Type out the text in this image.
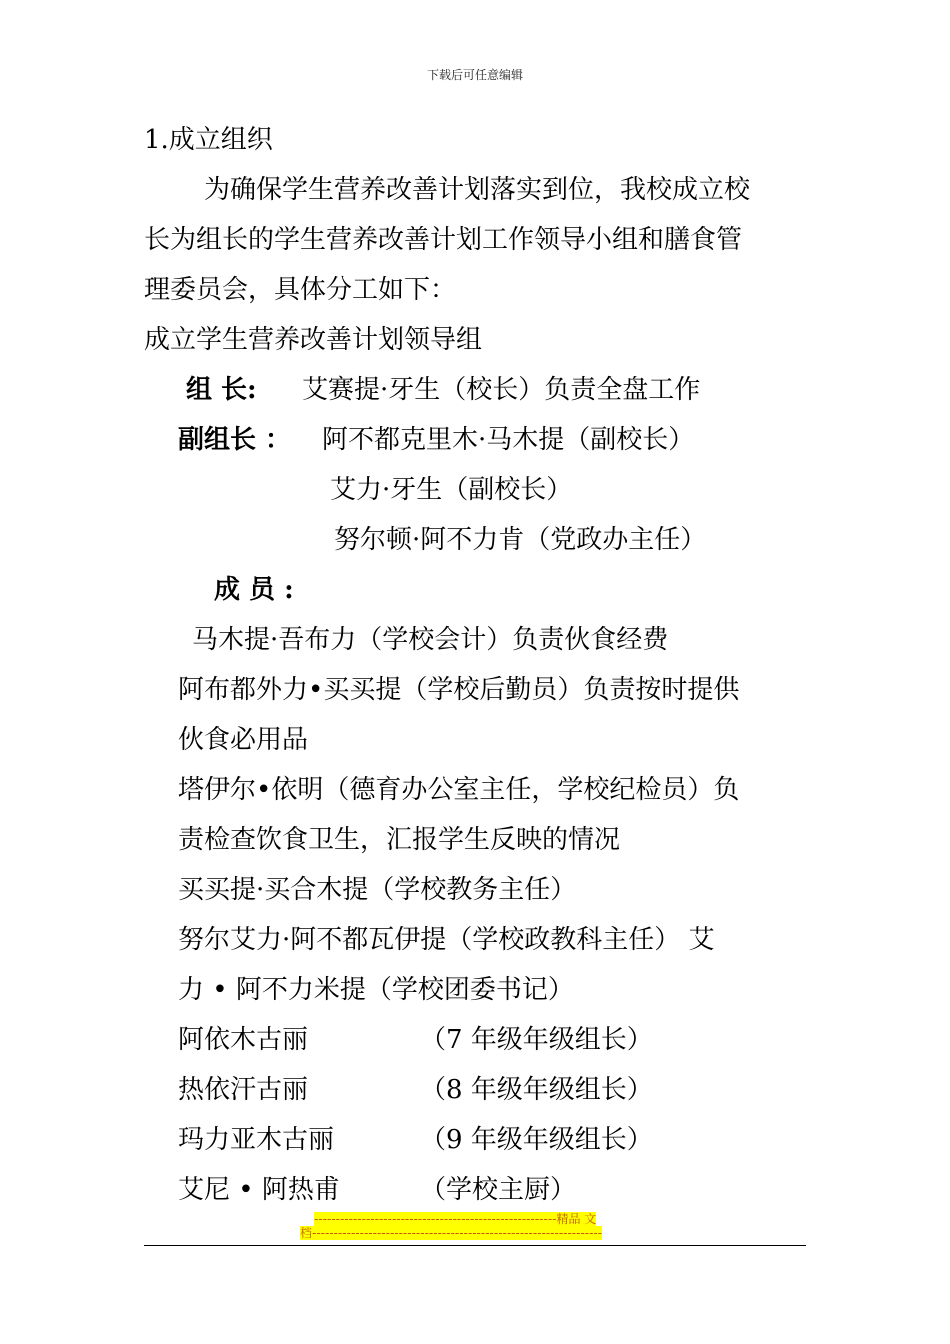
下载后可任意编辑
1.成立组织
为确保学生营养改善计划落实到位，我校成立校
长为组长的学生营养改善计划工作领导小组和膳食管
理委员会，具体分工如下：
成立学生营养改善计划领导组
组 长: 艾赛提·牙生（校长）负责全盘工作
副组长 ： 阿不都克里木·马木提（副校长）
艾力·牙生（副校长）
努尔顿·阿不力肯（党政办主任）
成 员 :
马木提·吾布力（学校会计）负责伙食经费
阿布都外力•买买提（学校后勤员）负责按时提供
伙食必用品
塔伊尔•依明（德育办公室主任，学校纪检员）负
责检查饮食卫生，汇报学生反映的情况
买买提·买合木提（学校教务主任）
努尔艾力·阿不都瓦伊提（学校政教科主任） 艾
力 • 阿不力米提（学校团委书记）
阿依木古丽	（7 年级年级组长）
热依汗古丽	（8 年级年级组长）
玛力亚木古丽	（9 年级年级组长）
艾尼 • 阿热甫	（学校主厨）
--------------------------------------------------------精品 文
档-------------------------------------------------------------------
